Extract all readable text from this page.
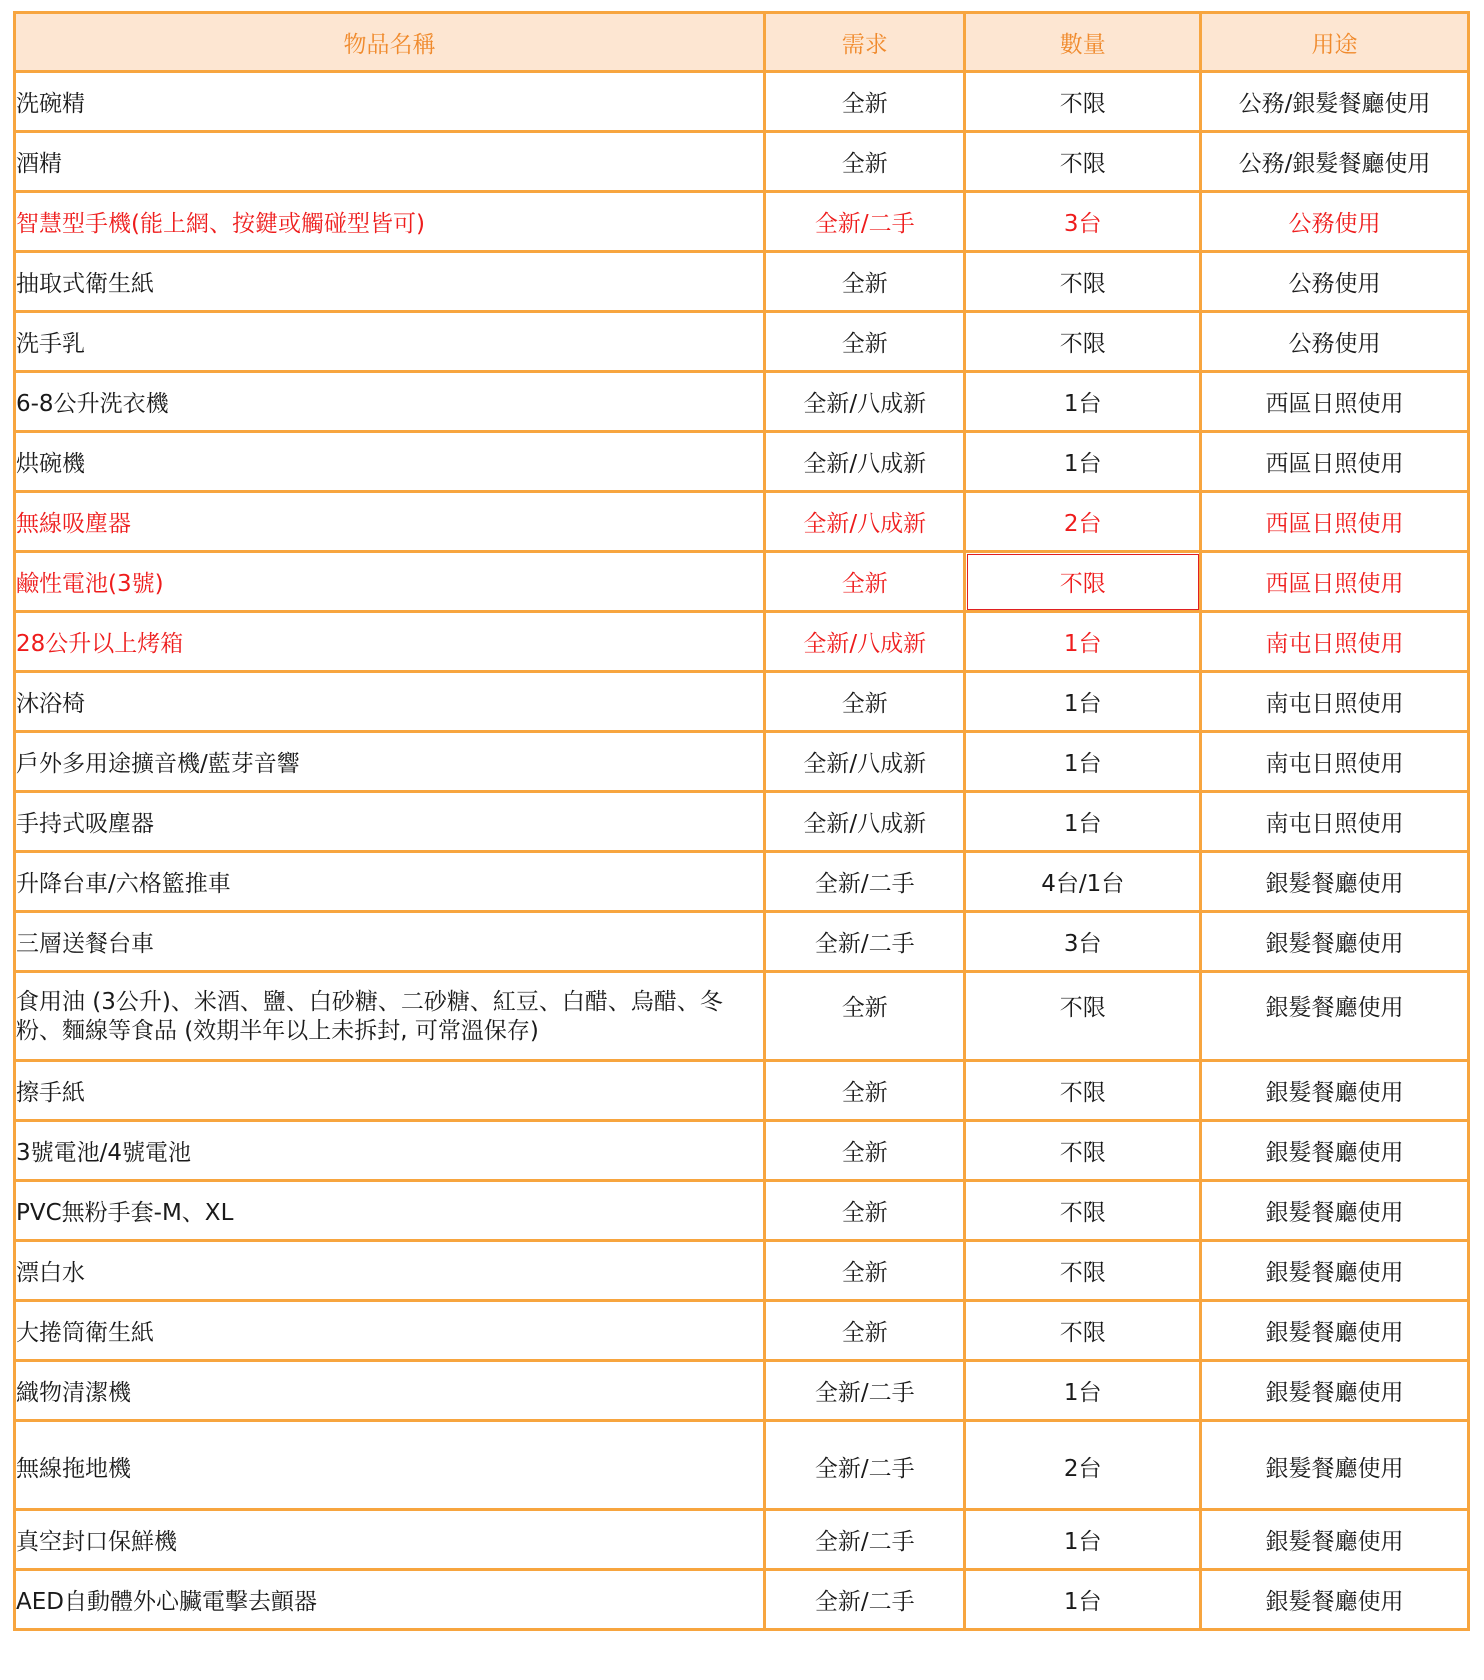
物品名稱	需求	數量	用途
洗碗精	全新	不限	公務/銀髮餐廳使用
酒精	全新	不限	公務/銀髮餐廳使用
智慧型手機(能上網、按鍵或觸碰型皆可)	全新/二手	3台	公務使用
抽取式衛生紙	全新	不限	公務使用
洗手乳	全新	不限	公務使用
6-8公升洗衣機	全新/八成新	1台	西區日照使用
烘碗機	全新/八成新	1台	西區日照使用
無線吸塵器	全新/八成新	2台	西區日照使用
鹼性電池(3號)	全新	不限	西區日照使用
28公升以上烤箱	全新/八成新	1台	南屯日照使用
沐浴椅	全新	1台	南屯日照使用
戶外多用途擴音機/藍芽音響	全新/八成新	1台	南屯日照使用
手持式吸塵器	全新/八成新	1台	南屯日照使用
升降台車/六格籃推車	全新/二手	4台/1台	銀髮餐廳使用
三層送餐台車	全新/二手	3台	銀髮餐廳使用
食用油 (3公升)、米酒、鹽、白砂糖、二砂糖、紅豆、白醋、烏醋、冬粉、麵線等食品 (效期半年以上未拆封, 可常溫保存)	全新	不限	銀髮餐廳使用
擦手紙	全新	不限	銀髮餐廳使用
3號電池/4號電池	全新	不限	銀髮餐廳使用
PVC無粉手套-M、XL	全新	不限	銀髮餐廳使用
漂白水	全新	不限	銀髮餐廳使用
大捲筒衛生紙	全新	不限	銀髮餐廳使用
織物清潔機	全新/二手	1台	銀髮餐廳使用
無線拖地機	全新/二手	2台	銀髮餐廳使用
真空封口保鮮機	全新/二手	1台	銀髮餐廳使用
AED自動體外心臟電擊去顫器	全新/二手	1台	銀髮餐廳使用
